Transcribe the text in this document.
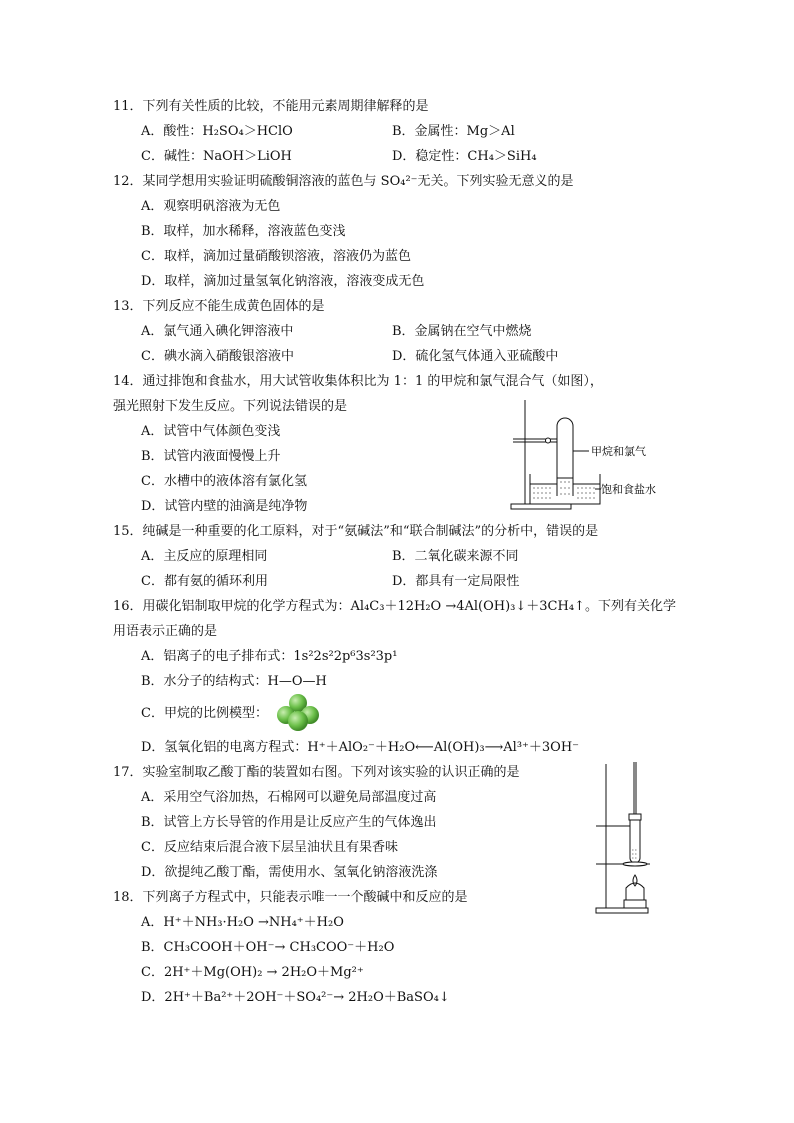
11．下列有关性质的比较，不能用元素周期律解释的是
A．酸性：H₂SO₄＞HClO	B．金属性：Mg＞Al
C．碱性：NaOH＞LiOH	D．稳定性：CH₄＞SiH₄
12．某同学想用实验证明硫酸铜溶液的蓝色与 SO₄²⁻无关。下列实验无意义的是
A．观察明矾溶液为无色
B．取样，加水稀释，溶液蓝色变浅
C．取样，滴加过量硝酸钡溶液，溶液仍为蓝色
D．取样，滴加过量氢氧化钠溶液，溶液变成无色
13．下列反应不能生成黄色固体的是
A．氯气通入碘化钾溶液中	B．金属钠在空气中燃烧
C．碘水滴入硝酸银溶液中	D．硫化氢气体通入亚硫酸中
14．通过排饱和食盐水，用大试管收集体积比为 1：1 的甲烷和氯气混合气（如图），
强光照射下发生反应。下列说法错误的是
A．试管中气体颜色变浅
B．试管内液面慢慢上升
C．水槽中的液体溶有氯化氢
D．试管内壁的油滴是纯净物
甲烷和氯气
饱和食盐水
15．纯碱是一种重要的化工原料，对于“氨碱法”和“联合制碱法”的分析中，错误的是
A．主反应的原理相同	B．二氧化碳来源不同
C．都有氨的循环利用	D．都具有一定局限性
16．用碳化铝制取甲烷的化学方程式为：Al₄C₃＋12H₂O →4Al(OH)₃↓＋3CH₄↑。下列有关化学
用语表示正确的是
A．铝离子的电子排布式：1s²2s²2p⁶3s²3p¹
B．水分子的结构式：H—O—H
C．甲烷的比例模型：
D．氢氧化铝的电离方程式：H⁺＋AlO₂⁻＋H₂O⟵Al(OH)₃⟶Al³⁺＋3OH⁻
17．实验室制取乙酸丁酯的装置如右图。下列对该实验的认识正确的是
A．采用空气浴加热，石棉网可以避免局部温度过高
B．试管上方长导管的作用是让反应产生的气体逸出
C．反应结束后混合液下层呈油状且有果香味
D．欲提纯乙酸丁酯，需使用水、氢氧化钠溶液洗涤
18．下列离子方程式中，只能表示唯一一个酸碱中和反应的是
A．H⁺＋NH₃·H₂O →NH₄⁺＋H₂O
B．CH₃COOH＋OH⁻→ CH₃COO⁻＋H₂O
C．2H⁺＋Mg(OH)₂ → 2H₂O＋Mg²⁺
D．2H⁺＋Ba²⁺＋2OH⁻＋SO₄²⁻→ 2H₂O＋BaSO₄↓
